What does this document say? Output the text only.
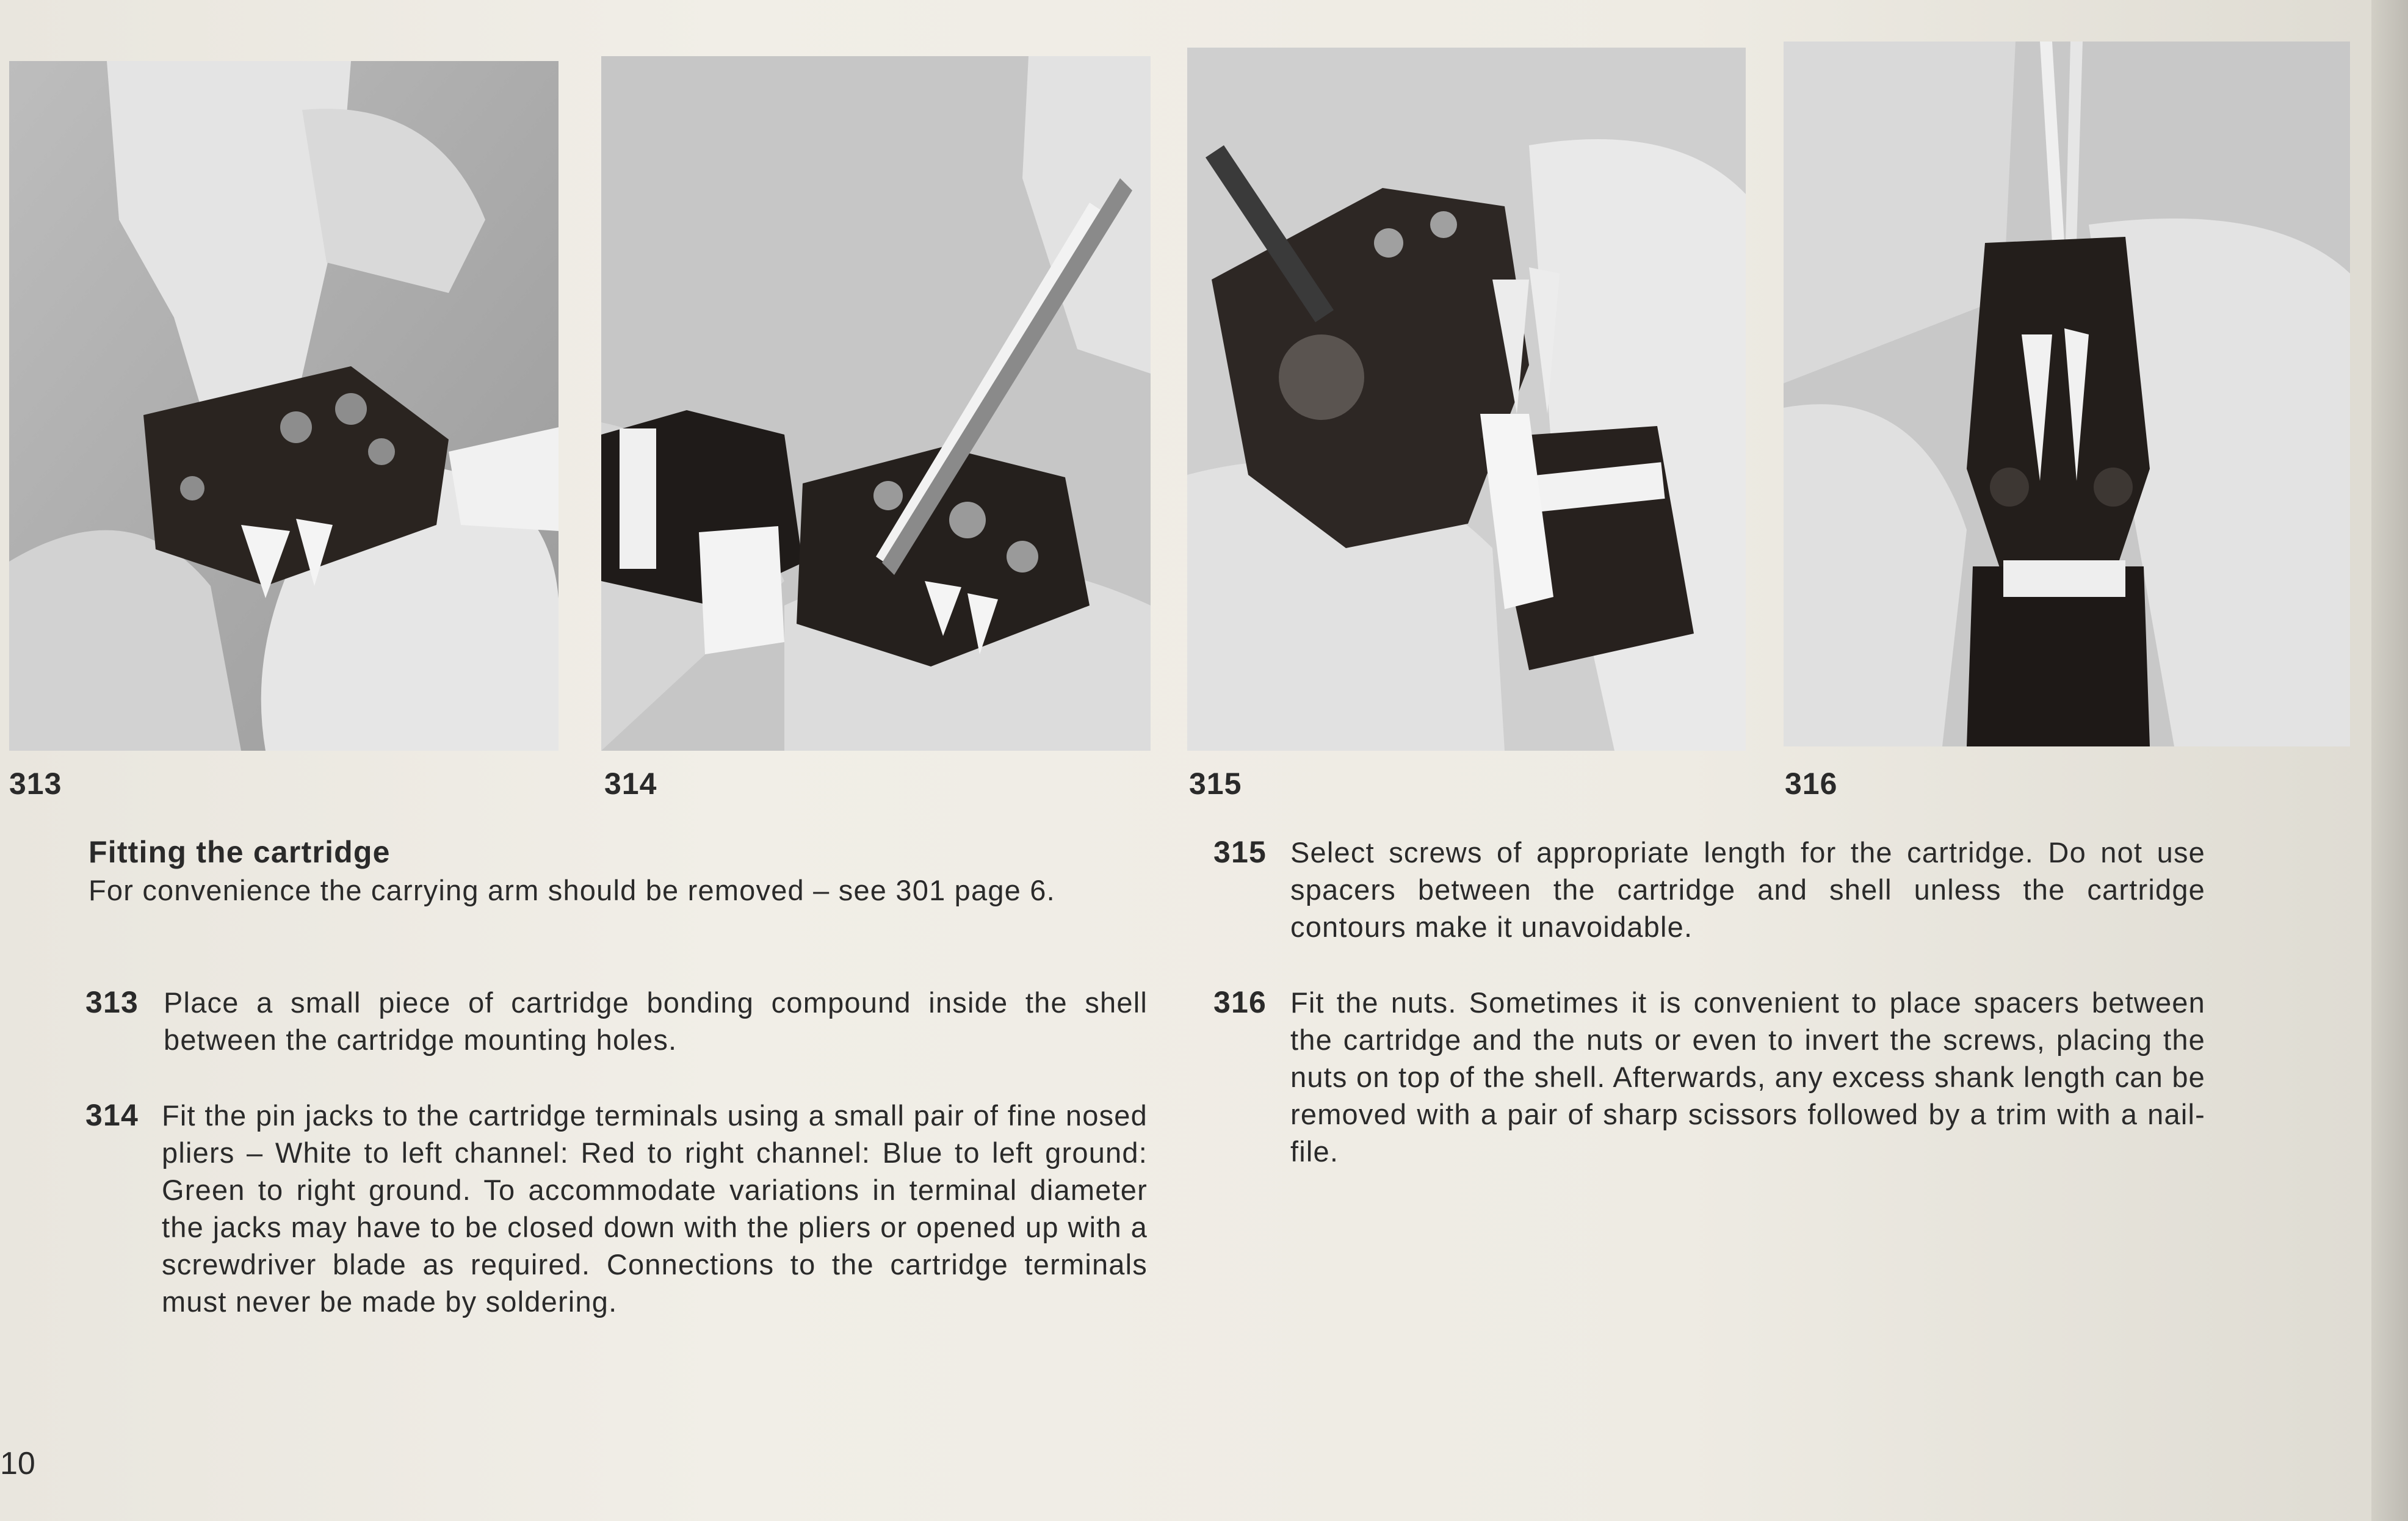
313	314	315	316
Fitting the cartridge
For convenience the carrying arm should be removed – see 301 page 6.
313 Place a small piece of cartridge bonding compound inside the shell between the cartridge mounting holes.
314 Fit the pin jacks to the cartridge terminals using a small pair of fine nosed pliers – White to left channel: Red to right channel: Blue to left ground: Green to right ground. To accommodate variations in terminal diameter the jacks may have to be closed down with the pliers or opened up with a screwdriver blade as required. Connections to the cartridge terminals must never be made by soldering.
315 Select screws of appropriate length for the cartridge. Do not use spacers between the cartridge and shell unless the cartridge contours make it unavoidable.
316 Fit the nuts. Sometimes it is convenient to place spacers between the cartridge and the nuts or even to invert the screws, placing the nuts on top of the shell. Afterwards, any excess shank length can be removed with a pair of sharp scissors followed by a trim with a nail-file.
10
